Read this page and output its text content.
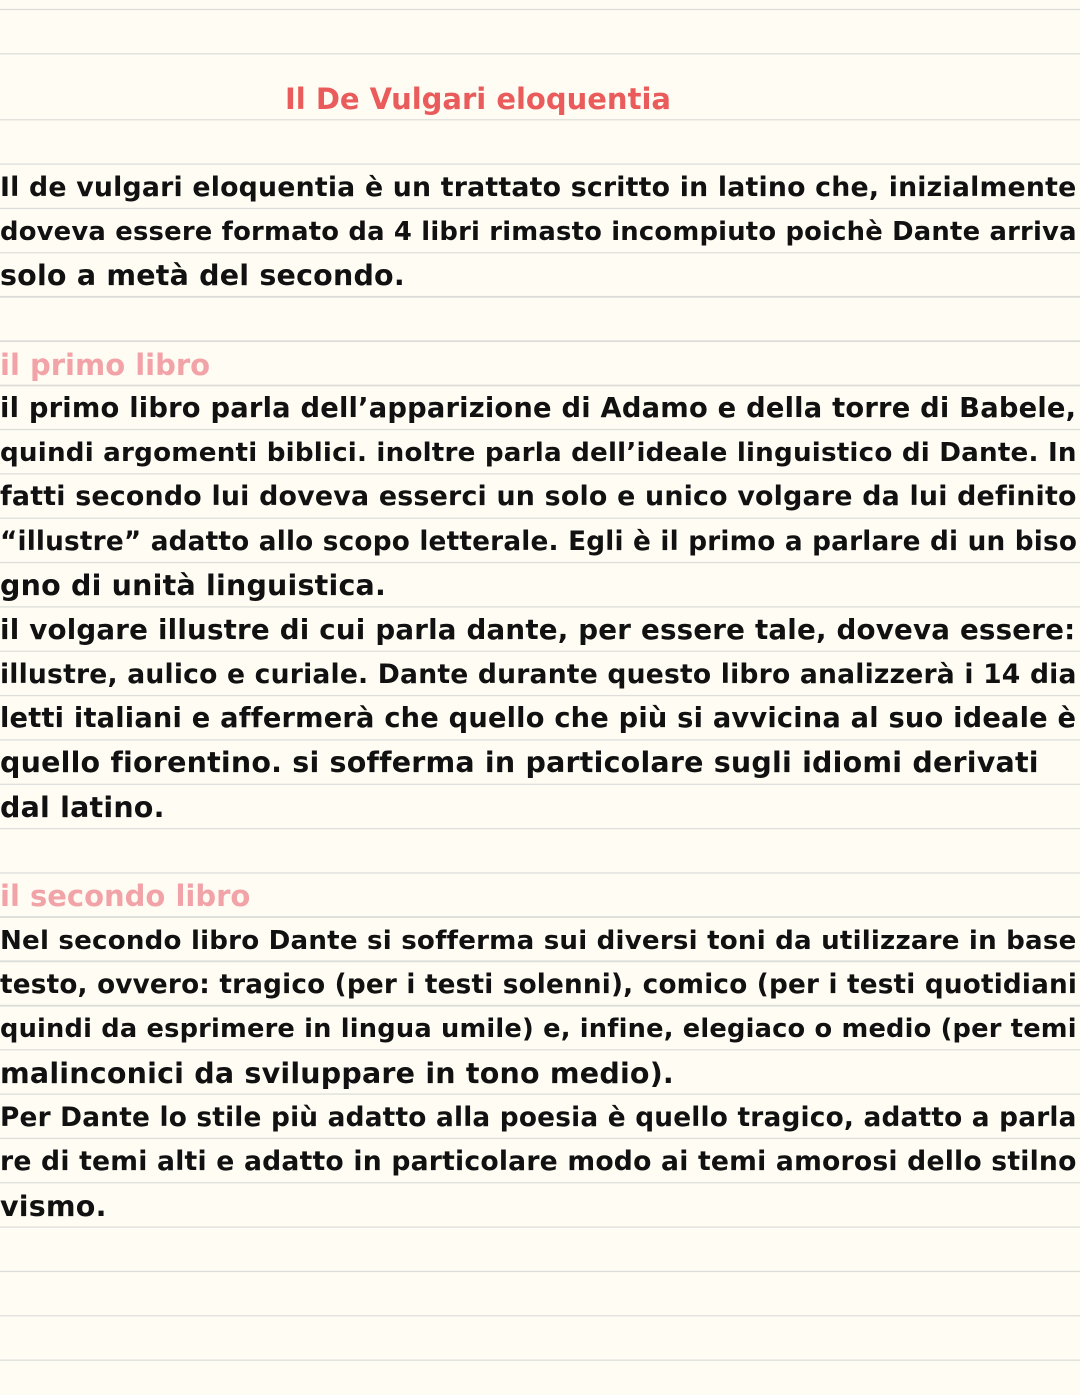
Il De Vulgari eloquentia
Il de vulgari eloquentia è un trattato scritto in latino che, inizialmente
doveva essere formato da 4 libri rimasto incompiuto poichè Dante arriva
solo a metà del secondo.
il primo libro
il primo libro parla dell’apparizione di Adamo e della torre di Babele,
quindi argomenti biblici. inoltre parla dell’ideale linguistico di Dante. In
fatti secondo lui doveva esserci un solo e unico volgare da lui definito
“illustre” adatto allo scopo letterale. Egli è il primo a parlare di un biso
gno di unità linguistica.
il volgare illustre di cui parla dante, per essere tale, doveva essere:
illustre, aulico e curiale. Dante durante questo libro analizzerà i 14 dia
letti italiani e affermerà che quello che più si avvicina al suo ideale è
quello fiorentino. si sofferma in particolare sugli idiomi derivati
dal latino.
il secondo libro
Nel secondo libro Dante si sofferma sui diversi toni da utilizzare in base
testo, ovvero: tragico (per i testi solenni), comico (per i testi quotidiani
quindi da esprimere in lingua umile) e, infine, elegiaco o medio (per temi
malinconici da sviluppare in tono medio).
Per Dante lo stile più adatto alla poesia è quello tragico, adatto a parla
re di temi alti e adatto in particolare modo ai temi amorosi dello stilno
vismo.
